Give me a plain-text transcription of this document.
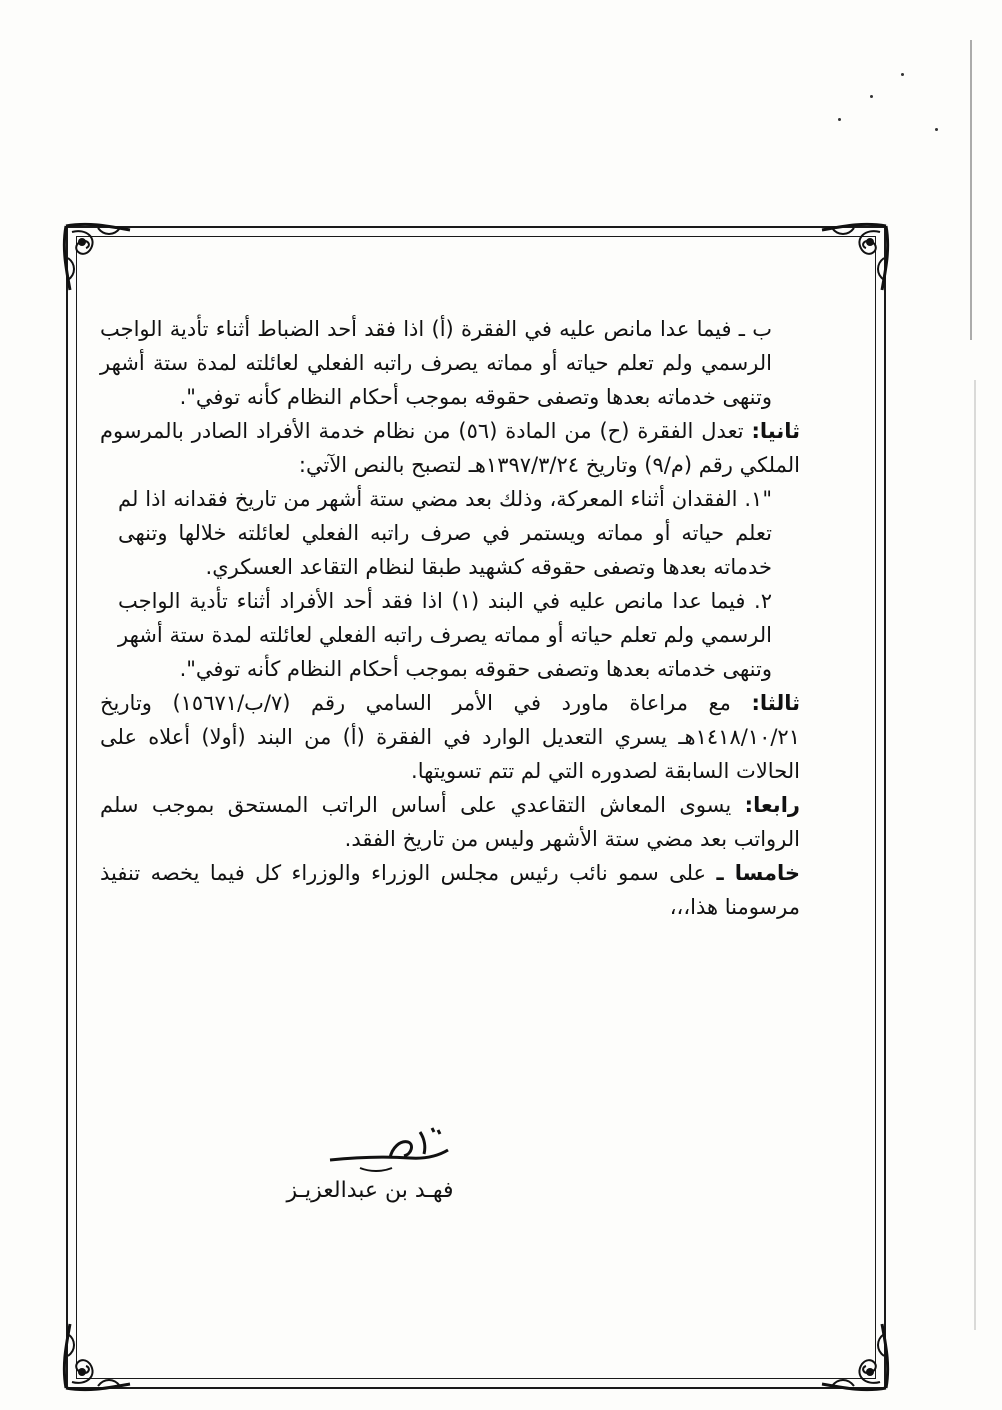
ب ـ فيما عدا مانص عليه في الفقرة (أ) اذا فقد أحد الضباط أثناء تأدية الواجب الرسمي ولم تعلم حياته أو مماته يصرف راتبه الفعلي لعائلته لمدة ستة أشهر وتنهى خدماته بعدها وتصفى حقوقه بموجب أحكام النظام كأنه توفي".

ثانيا: تعدل الفقرة (ح) من المادة (٥٦) من نظام خدمة الأفراد الصادر بالمرسوم الملكي رقم (م/٩) وتاريخ ١٣٩٧/٣/٢٤هـ لتصبح بالنص الآتي:

"١. الفقدان أثناء المعركة، وذلك بعد مضي ستة أشهر من تاريخ فقدانه اذا لم تعلم حياته أو مماته ويستمر في صرف راتبه الفعلي لعائلته خلالها وتنهى خدماته بعدها وتصفى حقوقه كشهيد طبقا لنظام التقاعد العسكري.

٢. فيما عدا مانص عليه في البند (١) اذا فقد أحد الأفراد أثناء تأدية الواجب الرسمي ولم تعلم حياته أو مماته يصرف راتبه الفعلي لعائلته لمدة ستة أشهر وتنهى خدماته بعدها وتصفى حقوقه بموجب أحكام النظام كأنه توفي".

ثالثا: مع مراعاة ماورد في الأمر السامي رقم (٧/ب/١٥٦٧١) وتاريخ ١٤١٨/١٠/٢١هـ يسري التعديل الوارد في الفقرة (أ) من البند (أولا) أعلاه على الحالات السابقة لصدوره التي لم تتم تسويتها.

رابعا: يسوى المعاش التقاعدي على أساس الراتب المستحق بموجب سلم الرواتب بعد مضي ستة الأشهر وليس من تاريخ الفقد.

خامسا ـ على سمو نائب رئيس مجلس الوزراء والوزراء كل فيما يخصه تنفيذ مرسومنا هذا،،،

فهـد بن عبدالعزيـز
